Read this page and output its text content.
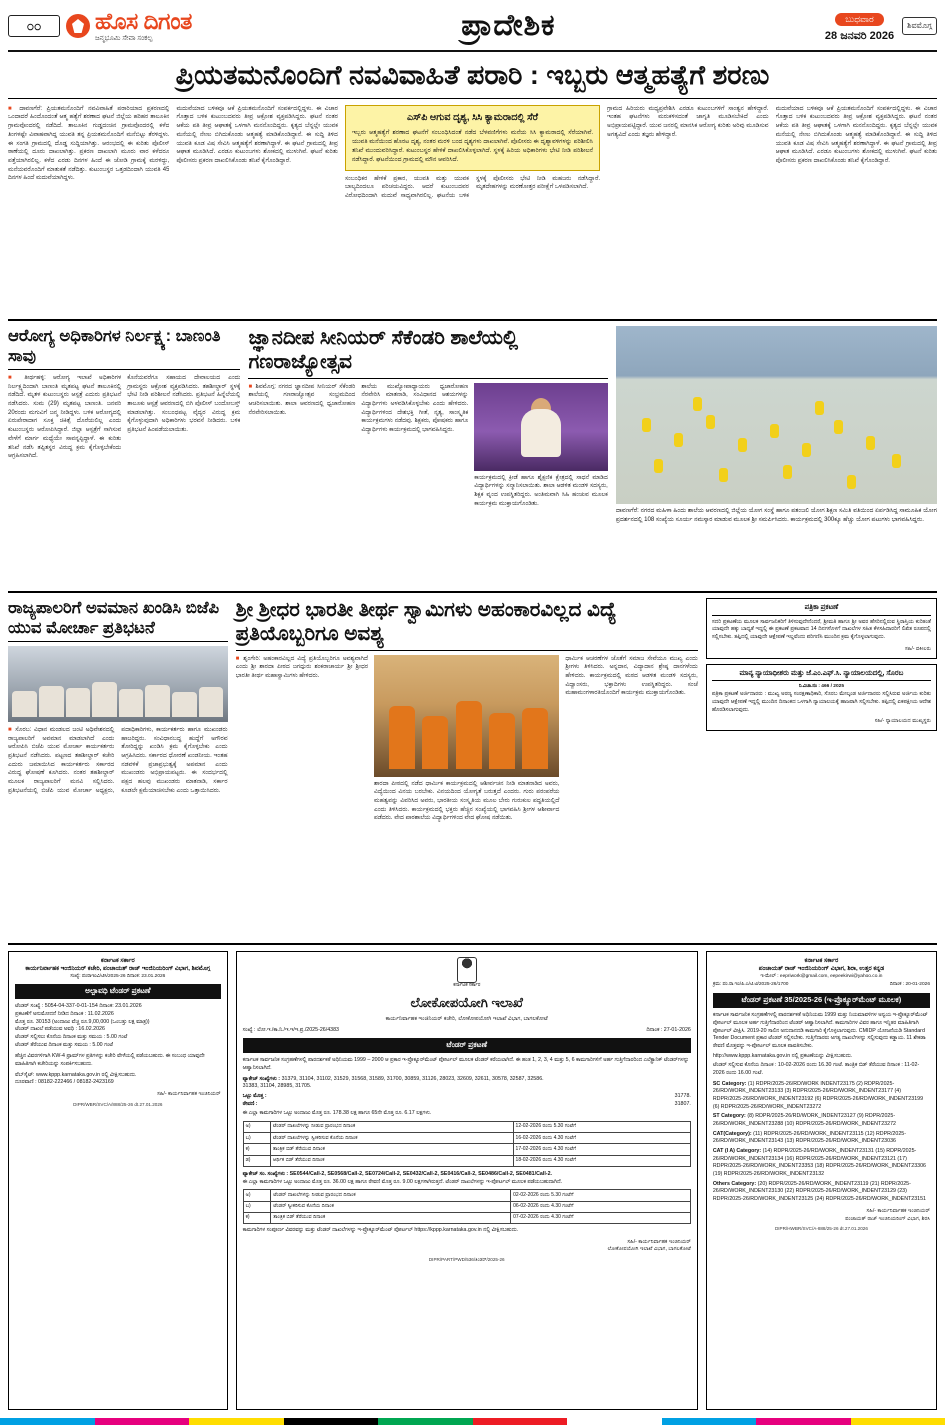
೦೦	ಹೊಸ ದಿಗಂತ
ಜನ್ಮಭೂಮಿ ಸೇವಾ ಸಂಕಲ್ಪ	ಪ್ರಾದೇಶಿಕ	ಬುಧವಾರ
28 ಜನವರಿ 2026
ಶಿವಮೊಗ್ಗ
ಪ್ರಿಯತಮನೊಂದಿಗೆ ನವವಿವಾಹಿತೆ ಪರಾರಿ : ಇಬ್ಬರು ಆತ್ಮಹತ್ಯೆಗೆ ಶರಣು
■ ದಾವಣಗೆರೆ: ಪ್ರಿಯತಮನೊಂದಿಗೆ ನವವಿವಾಹಿತೆ ಪರಾರಿಯಾದ ಪ್ರಕರಣದಲ್ಲಿ ಒಂದಾದರೆ ಹಿಂದೊಂದಂತೆ ಆತ್ಮ ಹತ್ಯೆಗೆ ಶರಣಾದ ಘಟನೆ ಜಿಲ್ಲೆಯ ಹರಿಹರ ತಾಲೂಕಿನ ಗ್ರಾಮವೊಂದರಲ್ಲಿ ನಡೆದಿದೆ. ತಾಲೂಕಿನ ಗುಡ್ಡದಂಚಿನ ಗ್ರಾಮವೊಂದರಲ್ಲಿ ಕಳೆದ ತಿಂಗಳಷ್ಟೇ ವಿವಾಹವಾಗಿದ್ದ ಯುವತಿ ತನ್ನ ಪ್ರಿಯತಮನೊಂದಿಗೆ ಮನೆಬಿಟ್ಟು ತೆರಳಿದ್ದಳು. ಈ ಸಂಗತಿ ಗ್ರಾಮದಲ್ಲಿ ದೊಡ್ಡ ಸುದ್ದಿಯಾಗಿತ್ತು. ಆರಂಭದಲ್ಲಿ ಈ ಕುರಿತು ಪೊಲೀಸ್ ಠಾಣೆಯಲ್ಲಿ ದೂರು ದಾಖಲಾಗಿತ್ತು. ಪ್ರಕರಣ ದಾಖಲಾಗಿ ಮೂರು ವಾರ ಕಳೆದರೂ ಪತ್ತೆಯಾಗಿರಲಿಲ್ಲ. ಕಳೆದ ಎರಡು ದಿನಗಳ ಹಿಂದೆ ಈ ಜೋಡಿ ಗ್ರಾಮಕ್ಕೆ ಮರಳಿದ್ದು, ಮನೆಯವರೊಂದಿಗೆ ಮಾತುಕತೆ ನಡೆದಿತ್ತು. ಕುಟುಂಬಸ್ಥರ ಒತ್ತಡದಿಂದಾಗಿ ಯುವತಿ 45 ದಿನಗಳ ಹಿಂದೆ ಮದುವೆಯಾಗಿದ್ದಳು.
ಮದುವೆಯಾದ ಬಳಿಕವೂ ಆಕೆ ಪ್ರಿಯತಮನೊಂದಿಗೆ ಸಂಪರ್ಕದಲ್ಲಿದ್ದಳು. ಈ ವಿಚಾರ ಗೊತ್ತಾದ ಬಳಿಕ ಕುಟುಂಬದವರು ತೀವ್ರ ಆಕ್ರೋಶ ವ್ಯಕ್ತಪಡಿಸಿದ್ದರು. ಘಟನೆ ನಂತರ ಆಕೆಯ ಪತಿ ತೀವ್ರ ಆಘಾತಕ್ಕೆ ಒಳಗಾಗಿ ಮನನೊಂದಿದ್ದರು. ಕೃತ್ಯದ ಬೆನ್ನಲ್ಲೇ ಯುವಕ ಮನೆಯಲ್ಲಿ ನೇಣು ಬಿಗಿದುಕೊಂಡು ಆತ್ಮಹತ್ಯೆ ಮಾಡಿಕೊಂಡಿದ್ದಾನೆ. ಈ ಸುದ್ದಿ ತಿಳಿದ ಯುವತಿ ಕೂಡ ವಿಷ ಸೇವಿಸಿ ಆತ್ಮಹತ್ಯೆಗೆ ಶರಣಾಗಿದ್ದಾಳೆ. ಈ ಘಟನೆ ಗ್ರಾಮದಲ್ಲಿ ತೀವ್ರ ಆಘಾತ ಮೂಡಿಸಿದೆ. ಎರಡೂ ಕುಟುಂಬಗಳು ಶೋಕದಲ್ಲಿ ಮುಳುಗಿವೆ. ಘಟನೆ ಕುರಿತು ಪೊಲೀಸರು ಪ್ರಕರಣ ದಾಖಲಿಸಿಕೊಂಡು ತನಿಖೆ ಕೈಗೊಂಡಿದ್ದಾರೆ.
ಎಸ್‌ಪಿ ಆಗುವ ದೃಶ್ಯ, ಸಿಸಿ ಕ್ಯಾಮರಾದಲ್ಲಿ ಸೆರೆ
ಇಬ್ಬರು ಆತ್ಮಹತ್ಯೆಗೆ ಶರಣಾದ ಘಟನೆಗೆ ಸಂಬಂಧಿಸಿದಂತೆ ನಡೆದ ಬೆಳವಣಿಗೆಗಳು ಮನೆಯ ಸಿಸಿ ಕ್ಯಾಮರಾದಲ್ಲಿ ಸೆರೆಯಾಗಿವೆ. ಯುವತಿ ಮನೆಯಿಂದ ಹೊರಟ ದೃಶ್ಯ, ನಂತರ ಮರಳಿ ಬಂದ ದೃಶ್ಯಗಳು ದಾಖಲಾಗಿವೆ. ಪೊಲೀಸರು ಈ ದೃಶ್ಯಾವಳಿಗಳನ್ನು ಪರಿಶೀಲಿಸಿ ತನಿಖೆ ಮುಂದುವರಿಸಿದ್ದಾರೆ. ಕುಟುಂಬಸ್ಥರ ಹೇಳಿಕೆ ದಾಖಲಿಸಿಕೊಳ್ಳಲಾಗಿದೆ. ಸ್ಥಳಕ್ಕೆ ಹಿರಿಯ ಅಧಿಕಾರಿಗಳು ಭೇಟಿ ನೀಡಿ ಪರಿಶೀಲನೆ ನಡೆಸಿದ್ದಾರೆ. ಘಟನೆಯಿಂದ ಗ್ರಾಮದಲ್ಲಿ ಮೌನ ಆವರಿಸಿದೆ.
ಸಂಬಂಧಿಕರ ಹೇಳಿಕೆ ಪ್ರಕಾರ, ಯುವತಿ ಮತ್ತು ಯುವಕ ಬಾಲ್ಯದಿಂದಲೂ ಪರಿಚಯವಿದ್ದರು. ಆದರೆ ಕುಟುಂಬದವರ ವಿರೋಧದಿಂದಾಗಿ ಮದುವೆ ಸಾಧ್ಯವಾಗಿರಲಿಲ್ಲ. ಘಟನೆಯ ಬಳಿಕ ಸ್ಥಳಕ್ಕೆ ಪೊಲೀಸರು ಭೇಟಿ ನೀಡಿ ಮಹಜರು ನಡೆಸಿದ್ದಾರೆ. ಮೃತದೇಹಗಳನ್ನು ಮರಣೋತ್ತರ ಪರೀಕ್ಷೆಗೆ ಒಳಪಡಿಸಲಾಗಿದೆ.
ಗ್ರಾಮದ ಹಿರಿಯರು ಮಧ್ಯಪ್ರವೇಶಿಸಿ ಎರಡೂ ಕುಟುಂಬಗಳಿಗೆ ಸಾಂತ್ವನ ಹೇಳಿದ್ದಾರೆ. ಇಂತಹ ಘಟನೆಗಳು ಮರುಕಳಿಸದಂತೆ ಜಾಗೃತಿ ಮೂಡಿಸಬೇಕಿದೆ ಎಂದು ಅಭಿಪ್ರಾಯಪಟ್ಟಿದ್ದಾರೆ. ಯುವ ಜನರಲ್ಲಿ ಮಾನಸಿಕ ಆರೋಗ್ಯ ಕುರಿತು ಅರಿವು ಮೂಡಿಸುವ ಅಗತ್ಯವಿದೆ ಎಂದು ತಜ್ಞರು ಹೇಳಿದ್ದಾರೆ.
ಮದುವೆಯಾದ ಬಳಿಕವೂ ಆಕೆ ಪ್ರಿಯತಮನೊಂದಿಗೆ ಸಂಪರ್ಕದಲ್ಲಿದ್ದಳು. ಈ ವಿಚಾರ ಗೊತ್ತಾದ ಬಳಿಕ ಕುಟುಂಬದವರು ತೀವ್ರ ಆಕ್ರೋಶ ವ್ಯಕ್ತಪಡಿಸಿದ್ದರು. ಘಟನೆ ನಂತರ ಆಕೆಯ ಪತಿ ತೀವ್ರ ಆಘಾತಕ್ಕೆ ಒಳಗಾಗಿ ಮನನೊಂದಿದ್ದರು. ಕೃತ್ಯದ ಬೆನ್ನಲ್ಲೇ ಯುವಕ ಮನೆಯಲ್ಲಿ ನೇಣು ಬಿಗಿದುಕೊಂಡು ಆತ್ಮಹತ್ಯೆ ಮಾಡಿಕೊಂಡಿದ್ದಾನೆ. ಈ ಸುದ್ದಿ ತಿಳಿದ ಯುವತಿ ಕೂಡ ವಿಷ ಸೇವಿಸಿ ಆತ್ಮಹತ್ಯೆಗೆ ಶರಣಾಗಿದ್ದಾಳೆ. ಈ ಘಟನೆ ಗ್ರಾಮದಲ್ಲಿ ತೀವ್ರ ಆಘಾತ ಮೂಡಿಸಿದೆ. ಎರಡೂ ಕುಟುಂಬಗಳು ಶೋಕದಲ್ಲಿ ಮುಳುಗಿವೆ. ಘಟನೆ ಕುರಿತು ಪೊಲೀಸರು ಪ್ರಕರಣ ದಾಖಲಿಸಿಕೊಂಡು ತನಿಖೆ ಕೈಗೊಂಡಿದ್ದಾರೆ.
ಆರೋಗ್ಯ ಅಧಿಕಾರಿಗಳ ನಿರ್ಲಕ್ಷ್ಯ: ಬಾಣಂತಿ ಸಾವು
■ ತೀರ್ಥಹಳ್ಳಿ: ಆರೋಗ್ಯ ಇಲಾಖೆ ಅಧಿಕಾರಿಗಳ ನಿರ್ಲಕ್ಷ್ಯದಿಂದಾಗಿ ಬಾಣಂತಿ ಮೃತಪಟ್ಟ ಘಟನೆ ತಾಲೂಕಿನಲ್ಲಿ ನಡೆದಿದೆ. ಮೃತಳ ಕುಟುಂಬಸ್ಥರು ಆಸ್ಪತ್ರೆ ಎದುರು ಪ್ರತಿಭಟನೆ ನಡೆಸಿದರು. ಸುಮ (29) ಮೃತಪಟ್ಟ ಬಾಣಂತಿ. ಜನವರಿ 20ರಂದು ಮಗುವಿಗೆ ಜನ್ಮ ನೀಡಿದ್ದಳು. ಬಳಿಕ ಆರೋಗ್ಯದಲ್ಲಿ ಏರುಪೇರಾದಾಗ ಸೂಕ್ತ ಚಿಕಿತ್ಸೆ ದೊರೆಯಲಿಲ್ಲ ಎಂದು ಕುಟುಂಬಸ್ಥರು ಆರೋಪಿಸಿದ್ದಾರೆ. ಜಿಲ್ಲಾ ಆಸ್ಪತ್ರೆಗೆ ಸಾಗಿಸುವ ವೇಳೆಗೆ ಮಾರ್ಗ ಮಧ್ಯೆಯೇ ಸಾವನ್ನಪ್ಪಿದ್ದಾಳೆ. ಈ ಕುರಿತು ತನಿಖೆ ನಡೆಸಿ ತಪ್ಪಿತಸ್ಥರ ವಿರುದ್ಧ ಕ್ರಮ ಕೈಗೊಳ್ಳಬೇಕೆಂದು ಆಗ್ರಹಿಸಲಾಗಿದೆ.
ಕೊನೆಯವರೆಗೂ ಸಹಾಯದ ದೇವಾಲಯದ ಎಂದು ಗ್ರಾಮಸ್ಥರು ಆಕ್ರೋಶ ವ್ಯಕ್ತಪಡಿಸಿದರು. ತಹಶೀಲ್ದಾರ್ ಸ್ಥಳಕ್ಕೆ ಭೇಟಿ ನೀಡಿ ಪರಿಶೀಲನೆ ನಡೆಸಿದರು. ಪ್ರತಿಭಟನೆ ಹಿನ್ನೆಲೆಯಲ್ಲಿ ತಾಲೂಕು ಆಸ್ಪತ್ರೆ ಆವರಣದಲ್ಲಿ ಬಿಗಿ ಪೊಲೀಸ್ ಬಂದೋಬಸ್ತ್ ಮಾಡಲಾಗಿತ್ತು. ಸಂಬಂಧಪಟ್ಟ ವೈದ್ಯರ ವಿರುದ್ಧ ಕ್ರಮ ಕೈಗೊಳ್ಳುವುದಾಗಿ ಅಧಿಕಾರಿಗಳು ಭರವಸೆ ನೀಡಿದರು. ಬಳಿಕ ಪ್ರತಿಭಟನೆ ಹಿಂಪಡೆಯಲಾಯಿತು.
ಜ್ಞಾನದೀಪ ಸೀನಿಯರ್ ಸೆಕೆಂಡರಿ ಶಾಲೆಯಲ್ಲಿ ಗಣರಾಜ್ಯೋತ್ಸವ
■ ಶಿವಮೊಗ್ಗ: ನಗರದ ಜ್ಞಾನದೀಪ ಸೀನಿಯರ್ ಸೆಕೆಂಡರಿ ಶಾಲೆಯಲ್ಲಿ ಗಣರಾಜ್ಯೋತ್ಸವ ಸಂಭ್ರಮದಿಂದ ಆಚರಿಸಲಾಯಿತು. ಶಾಲಾ ಆವರಣದಲ್ಲಿ ಧ್ವಜಾರೋಹಣ ನೆರವೇರಿಸಲಾಯಿತು.
ಶಾಲೆಯ ಮುಖ್ಯೋಪಾಧ್ಯಾಯರು ಧ್ವಜಾರೋಹಣ ನೆರವೇರಿಸಿ ಮಾತನಾಡಿ, ಸಂವಿಧಾನದ ಆಶಯಗಳನ್ನು ವಿದ್ಯಾರ್ಥಿಗಳು ಅಳವಡಿಸಿಕೊಳ್ಳಬೇಕು ಎಂದು ಹೇಳಿದರು. ವಿದ್ಯಾರ್ಥಿಗಳಿಂದ ದೇಶಭಕ್ತಿ ಗೀತೆ, ನೃತ್ಯ, ಸಾಂಸ್ಕೃತಿಕ ಕಾರ್ಯಕ್ರಮಗಳು ನಡೆದವು. ಶಿಕ್ಷಕರು, ಪೋಷಕರು ಹಾಗೂ ವಿದ್ಯಾರ್ಥಿಗಳು ಕಾರ್ಯಕ್ರಮದಲ್ಲಿ ಭಾಗವಹಿಸಿದ್ದರು.
ಕಾರ್ಯಕ್ರಮದಲ್ಲಿ ಕ್ರೀಡೆ ಹಾಗೂ ಶೈಕ್ಷಣಿಕ ಕ್ಷೇತ್ರದಲ್ಲಿ ಸಾಧನೆ ಮಾಡಿದ ವಿದ್ಯಾರ್ಥಿಗಳನ್ನು ಸನ್ಮಾನಿಸಲಾಯಿತು. ಶಾಲಾ ಆಡಳಿತ ಮಂಡಳಿ ಸದಸ್ಯರು, ಶಿಕ್ಷಕ ವೃಂದ ಉಪಸ್ಥಿತರಿದ್ದರು. ಅಂತಿಮವಾಗಿ ಸಿಹಿ ಹಂಚುವ ಮೂಲಕ ಕಾರ್ಯಕ್ರಮ ಮುಕ್ತಾಯಗೊಂಡಿತು.
ದಾವಣಗೆರೆ: ನಗರದ ಮಹಿಳಾ ಹಿಂದು ಶಾಲೆಯ ಆವರಣದಲ್ಲಿ ಜಿಲ್ಲೆಯ ಯೋಗ ಸಂಸ್ಥೆ ಹಾಗೂ ಪತಂಜಲಿ ಯೋಗ ಶಿಕ್ಷಣ ಸಮಿತಿ ವತಿಯಿಂದ ಏರ್ಪಡಿಸಿದ್ದ ಸಾಮೂಹಿಕ ಯೋಗ ಪ್ರದರ್ಶನದಲ್ಲಿ 108 ಸಂಖ್ಯೆಯ ಸೂರ್ಯ ನಮಸ್ಕಾರ ಮಾಡುವ ಮೂಲಕ ಶ್ರೀ ಸಮರ್ಪಿಸಿದರು. ಕಾರ್ಯಕ್ರಮದಲ್ಲಿ 300ಕ್ಕೂ ಹೆಚ್ಚು ಯೋಗ ಪಟುಗಳು ಭಾಗವಹಿಸಿದ್ದರು.
ರಾಜ್ಯಪಾಲರಿಗೆ ಅವಮಾನ ಖಂಡಿಸಿ ಬಿಜೆಪಿ ಯುವ ಮೋರ್ಚಾ ಪ್ರತಿಭಟನೆ
■ ಸೊರಬ: ವಿಧಾನ ಮಂಡಲದ ಜಂಟಿ ಅಧಿವೇಶನದಲ್ಲಿ ರಾಜ್ಯಪಾಲರಿಗೆ ಅವಮಾನ ಮಾಡಲಾಗಿದೆ ಎಂದು ಆರೋಪಿಸಿ ಬಿಜೆಪಿ ಯುವ ಮೋರ್ಚಾ ಕಾರ್ಯಕರ್ತರು ಪ್ರತಿಭಟನೆ ನಡೆಸಿದರು. ಪಟ್ಟಣದ ತಹಶೀಲ್ದಾರ್ ಕಚೇರಿ ಎದುರು ಜಮಾಯಿಸಿದ ಕಾರ್ಯಕರ್ತರು ಸರ್ಕಾರದ ವಿರುದ್ಧ ಘೋಷಣೆ ಕೂಗಿದರು. ನಂತರ ತಹಶೀಲ್ದಾರ್ ಮೂಲಕ ರಾಜ್ಯಪಾಲರಿಗೆ ಮನವಿ ಸಲ್ಲಿಸಿದರು. ಪ್ರತಿಭಟನೆಯಲ್ಲಿ ಬಿಜೆಪಿ ಯುವ ಮೋರ್ಚಾ ಅಧ್ಯಕ್ಷರು, ಪದಾಧಿಕಾರಿಗಳು, ಕಾರ್ಯಕರ್ತರು ಹಾಗೂ ಮುಖಂಡರು ಹಾಜರಿದ್ದರು. ಸಂವಿಧಾನಬದ್ಧ ಹುದ್ದೆಗೆ ಅಗೌರವ ತೋರಿದ್ದನ್ನು ಖಂಡಿಸಿ ಕ್ರಮ ಕೈಗೊಳ್ಳಬೇಕು ಎಂದು ಆಗ್ರಹಿಸಿದರು. ಸರ್ಕಾರದ ಧೋರಣೆ ಖಂಡನೀಯ. ಇಂತಹ ನಡವಳಿಕೆ ಪ್ರಜಾಪ್ರಭುತ್ವಕ್ಕೆ ಅಪಮಾನ ಎಂದು ಮುಖಂಡರು ಅಭಿಪ್ರಾಯಪಟ್ಟರು. ಈ ಸಂದರ್ಭದಲ್ಲಿ ಪಕ್ಷದ ಹಲವು ಮುಖಂಡರು ಮಾತನಾಡಿ, ಸರ್ಕಾರ ಕೂಡಲೇ ಕ್ಷಮೆಯಾಚಿಸಬೇಕು ಎಂದು ಒತ್ತಾಯಿಸಿದರು.
ಶ್ರೀ ಶ್ರೀಧರ ಭಾರತೀ ತೀರ್ಥ ಸ್ವಾಮಿಗಳು ಅಹಂಕಾರವಿಲ್ಲದ ವಿದ್ಯೆ ಪ್ರತಿಯೊಬ್ಬರಿಗೂ ಅವಶ್ಯ
■ ಶೃಂಗೇರಿ: ಅಹಂಕಾರವಿಲ್ಲದ ವಿದ್ಯೆ ಪ್ರತಿಯೊಬ್ಬರಿಗೂ ಅವಶ್ಯವಾಗಿದೆ ಎಂದು ಶ್ರೀ ಶಾರದಾ ಪೀಠದ ಜಗದ್ಗುರು ಶಂಕರಾಚಾರ್ಯ ಶ್ರೀ ಶ್ರೀಧರ ಭಾರತೀ ತೀರ್ಥ ಮಹಾಸ್ವಾಮಿಗಳು ಹೇಳಿದರು.
ಶಾರದಾ ಪೀಠದಲ್ಲಿ ನಡೆದ ಧಾರ್ಮಿಕ ಕಾರ್ಯಕ್ರಮದಲ್ಲಿ ಆಶೀರ್ವಚನ ನೀಡಿ ಮಾತನಾಡಿದ ಅವರು, ವಿದ್ಯೆಯಿಂದ ವಿನಯ ಬರಬೇಕು. ವಿನಯದಿಂದ ಯೋಗ್ಯತೆ ಬರುತ್ತದೆ ಎಂದರು. ಗುರು ಪರಂಪರೆಯ ಮಹತ್ವವನ್ನು ವಿವರಿಸಿದ ಅವರು, ಭಾರತೀಯ ಸಂಸ್ಕೃತಿಯ ಮೂಲ ಬೇರು ಗುರುಕುಲ ಪದ್ಧತಿಯಲ್ಲಿದೆ ಎಂದು ತಿಳಿಸಿದರು. ಕಾರ್ಯಕ್ರಮದಲ್ಲಿ ಭಕ್ತರು ಹೆಚ್ಚಿನ ಸಂಖ್ಯೆಯಲ್ಲಿ ಭಾಗವಹಿಸಿ ಶ್ರೀಗಳ ಆಶೀರ್ವಾದ ಪಡೆದರು. ವೇದ ಪಾಠಶಾಲೆಯ ವಿದ್ಯಾರ್ಥಿಗಳಿಂದ ವೇದ ಘೋಷ ನಡೆಯಿತು.
ಧಾರ್ಮಿಕ ಆಚರಣೆಗಳ ಜೊತೆಗೆ ಸಮಾಜ ಸೇವೆಯೂ ಮುಖ್ಯ ಎಂದು ಶ್ರೀಗಳು ತಿಳಿಸಿದರು. ಅನ್ನದಾನ, ವಿದ್ಯಾದಾನ ಶ್ರೇಷ್ಠ ದಾನಗಳೆಂದು ಹೇಳಿದರು. ಕಾರ್ಯಕ್ರಮದಲ್ಲಿ ಮಠದ ಆಡಳಿತ ಮಂಡಳಿ ಸದಸ್ಯರು, ವಿದ್ವಾಂಸರು, ಭಕ್ತಾದಿಗಳು ಉಪಸ್ಥಿತರಿದ್ದರು. ಸಂಜೆ ಮಹಾಮಂಗಳಾರತಿಯೊಂದಿಗೆ ಕಾರ್ಯಕ್ರಮ ಮುಕ್ತಾಯಗೊಂಡಿತು.
ಪತ್ರಿಕಾ ಪ್ರಕಟಣೆ
ಸದರಿ ಪ್ರಕಟಣೆಯ ಮೂಲಕ ಸಾರ್ವಜನಿಕರಿಗೆ ತಿಳಿಸುವುದೇನೆಂದರೆ, ಶ್ರೀಮತಿ ಹಾಗೂ ಶ್ರೀ ಅವರ ಹೆಸರಿನಲ್ಲಿರುವ ಸ್ಥಿರಾಸ್ತಿಯ ಕುರಿತಂತೆ ಯಾವುದೇ ಹಕ್ಕು ಬಾಧ್ಯತೆ ಇದ್ದಲ್ಲಿ ಈ ಪ್ರಕಟಣೆ ಪ್ರಕಟವಾದ 14 ದಿನಗಳೊಳಗೆ ದಾಖಲೆಗಳ ಸಹಿತ ಕೆಳಸಹಿದಾರರಿಗೆ ಲಿಖಿತ ರೂಪದಲ್ಲಿ ಸಲ್ಲಿಸಬೇಕು. ತಪ್ಪಿದಲ್ಲಿ ಯಾವುದೇ ಆಕ್ಷೇಪಣೆ ಇಲ್ಲವೆಂದು ಪರಿಗಣಿಸಿ ಮುಂದಿನ ಕ್ರಮ ಕೈಗೊಳ್ಳಲಾಗುವುದು.
ಸಹಿ/- ವಕೀಲರು
ಮಾನ್ಯ ನ್ಯಾಯಾಧೀಶರು ಮತ್ತು ಜೆ.ಎಂ.ಎಫ್.ಸಿ. ನ್ಯಾಯಾಲಯದಲ್ಲಿ, ಸೊರಬ
ನಿ.ವಿಚಾ.ನಂ : 466 / 2025
ಪತ್ರಿಕಾ ಪ್ರಕಟಣೆ ಅರ್ಜಿದಾರರು : ಮುಖ್ಯ ಅರಣ್ಯ ಸಂರಕ್ಷಣಾಧಿಕಾರಿ, ಸೊರಬ ಮೇಲ್ಕಂಡ ಅರ್ಜಿದಾರರು ಸಲ್ಲಿಸಿರುವ ಅರ್ಜಿಯ ಕುರಿತು ಯಾವುದೇ ಆಕ್ಷೇಪಣೆ ಇದ್ದಲ್ಲಿ ಮುಂದಿನ ದಿನಾಂಕದ ಒಳಗಾಗಿ ನ್ಯಾಯಾಲಯಕ್ಕೆ ಹಾಜರಾಗಿ ಸಲ್ಲಿಸಬೇಕು. ತಪ್ಪಿದಲ್ಲಿ ಏಕಪಕ್ಷೀಯ ಆದೇಶ ಹೊರಡಿಸಲಾಗುವುದು.
ಸಹಿ/- ನ್ಯಾಯಾಲಯದ ಮುಖ್ಯಸ್ಥರು
ಕರ್ನಾಟಕ ಸರ್ಕಾರ
ಕಾರ್ಯನಿರ್ವಾಹಕ ಇಂಜಿನಿಯರ್ ಕಚೇರಿ, ಪಂಚಾಯತ್ ರಾಜ್ ಇಂಜಿನಿಯರಿಂಗ್ ವಿಭಾಗ, ಶಿವಮೊಗ್ಗ
ಸಂಖ್ಯೆ: ಪಂರಾಇಂವಿ/ಟಿಸಿ/2025-26 ದಿನಾಂಕ: 23.01.2026
ಅಲ್ಪಾವಧಿ ಟೆಂಡರ್ ಪ್ರಕಟಣೆ
ಟೆಂಡರ್ ಸಂಖ್ಯೆ : 5054-04-337-0-01-154 ದಿನಾಂಕ: 23.01.2026
ಪ್ರಕಟಣೆಗೆ ಅನುಮೋದನೆ ನೀಡಿದ ದಿನಾಂಕ : 11.02.2026
ಮೊತ್ತ ರೂ. 30153 (ಅಂದಾಜು ವೆಚ್ಚ ರೂ.9,00,000 (ಒಂಬತ್ತು ಲಕ್ಷ ಮಾತ್ರ))
ಟೆಂಡರ್ ದಾಖಲೆ ಪಡೆಯುವ ಅವಧಿ : 16.02.2026
ಟೆಂಡರ್ ಸಲ್ಲಿಸಲು ಕೊನೆಯ ದಿನಾಂಕ ಮತ್ತು ಸಮಯ : 5.00 ಗಂಟೆ
ಟೆಂಡರ್ ತೆರೆಯುವ ದಿನಾಂಕ ಮತ್ತು ಸಮಯ : 5.00 ಗಂಟೆ
ಹೆಚ್ಚಿನ ವಿವರಗಳಿಗಾಗಿ KW-4 ಫ್ರಾಮ್‌ಗಳ ಪ್ರತಿಗಳನ್ನು ಕಚೇರಿ ವೇಳೆಯಲ್ಲಿ ಪಡೆಯಬಹುದು. ಈ ಸಂಬಂಧ ಯಾವುದೇ ಮಾಹಿತಿಗಾಗಿ ಕಚೇರಿಯನ್ನು ಸಂಪರ್ಕಿಸಬಹುದು.
ವೆಬ್‌ಸೈಟ್: www.kppp.karnataka.gov.in ರಲ್ಲಿ ವೀಕ್ಷಿಸಬಹುದು.
ದೂರವಾಣಿ : 08182-222466 / 08182-2423169
ಸಹಿ/- ಕಾರ್ಯನಿರ್ವಾಹಕ ಇಂಜಿನಿಯರ್
DIPR/WBR/SVC/A/888/25-26 dt.27.01.2026
ಕರ್ನಾಟಕ ಸರ್ಕಾರ
ಲೋಕೋಪಯೋಗಿ ಇಲಾಖೆ
ಕಾರ್ಯನಿರ್ವಾಹಕ ಇಂಜಿನಿಯರ್ ಕಚೇರಿ, ಲೋಕೋಪಯೋಗಿ ಇಲಾಖೆ ವಿಭಾಗ, ಬಾಗಲಕೋಟೆ
ಸಂಖ್ಯೆ : ಲೋ.ಇ./ಕಾ.ನಿ./ಇ.ಇ/ಇ.ಪ್ರ./2025-26/4383	ದಿನಾಂಕ : 27-01-2026
ಟೆಂಡರ್ ಪ್ರಕಟಣೆ
ಕರ್ನಾಟಕ ಸಾರ್ವಜನಿಕ ಸಂಗ್ರಹಣೆಗಳಲ್ಲಿ ಪಾರದರ್ಶಕತೆ ಅಧಿನಿಯಮ 1999 – 2000 ಆ ಪ್ರಕಾರ ಇ-ಪ್ರೊಕ್ಯೂರ್‌ಮೆಂಟ್ ಪೋರ್ಟಲ್ ಮೂಲಕ ಟೆಂಡರ್ ಕರೆಯಲಾಗಿದೆ. ಈ ಹಂತ 1, 2, 3, 4 ಮತ್ತು 5, 6 ಕಾಮಗಾರಿಗಳಿಗೆ ಅರ್ಹ ಗುತ್ತಿಗೆದಾರರಿಂದ ಎಲೆಕ್ಟ್ರಾನಿಕ್ ಟೆಂಡರ್‌ಗಳನ್ನು ಆಹ್ವಾನಿಸಲಾಗಿದೆ.
ಪ್ಯಾಕೇಜ್ ಸಂಖ್ಯೆಗಳು : 31379, 31104, 31102, 31529, 31568, 31589, 31700, 30859, 31126, 28023, 32609, 32611, 30578, 32587, 32586.
31383, 31104, 28985, 31705.
ಒಟ್ಟು ಮೊತ್ತ :	31778.
ಠೇವಣಿ :	31807.
ಈ ಎಲ್ಲಾ ಕಾಮಗಾರಿಗಳ ಒಟ್ಟು ಅಂದಾಜು ಮೊತ್ತ ರೂ. 178.38 ಲಕ್ಷ ಹಾಗೂ 65ನೇ ಮೊತ್ತ ರೂ. 6.17 ಲಕ್ಷಗಳು.
ಅ)	ಟೆಂಡರ್ ದಾಖಲೆಗಳನ್ನು ನೀಡುವ ಪ್ರಾರಂಭದ ದಿನಾಂಕ	12-02-2026 ರಂದು 5.30 ಗಂಟೆಗೆ
ಬ)	ಟೆಂಡರ್ ದಾಖಲೆಗಳನ್ನು ಸ್ವೀಕರಿಸುವ ಕೊನೆಯ ದಿನಾಂಕ	16-02-2026 ರಂದು 4.30 ಗಂಟೆಗೆ
ಕ)	ತಾಂತ್ರಿಕ ಬಿಡ್ ತೆರೆಯುವ ದಿನಾಂಕ	17-02-2026 ರಂದು 4.30 ಗಂಟೆಗೆ
ಡ)	ಆರ್ಥಿಕ ಬಿಡ್ ತೆರೆಯುವ ದಿನಾಂಕ	18-02-2026 ರಂದು 4.30 ಗಂಟೆಗೆ
ಪ್ಯಾಕೇಜ್ ಸಂ. ಸಂಖ್ಯೆಗಳು : SE0544/Call-2, SE0568/Call-2, SE0724/Call-2, SE0432/Call-2, SE0416/Call-2, SE0486/Call-2, SE0481/Call-2.
ಈ ಎಲ್ಲಾ ಕಾಮಗಾರಿಗಳ ಒಟ್ಟು ಅಂದಾಜು ಮೊತ್ತ ರೂ. 36.00 ಲಕ್ಷ ಹಾಗೂ ಠೇವಣಿ ಮೊತ್ತ ರೂ. 9.00 ಲಕ್ಷಗಳಾಗಿರುತ್ತದೆ. ಟೆಂಡರ್ ದಾಖಲೆಗಳನ್ನು ಇ-ಪೋರ್ಟಲ್ ಮೂಲಕ ಪಡೆಯಬಹುದಾಗಿದೆ.
ಅ)	ಟೆಂಡರ್ ದಾಖಲೆಗಳನ್ನು ನೀಡುವ ಪ್ರಾರಂಭದ ದಿನಾಂಕ	02-02-2026 ರಂದು 5.30 ಗಂಟೆಗೆ
ಬ)	ಟೆಂಡರ್ ಸ್ವೀಕರಿಸುವ ಕೊನೆಯ ದಿನಾಂಕ	06-02-2026 ರಂದು 4.30 ಗಂಟೆಗೆ
ಕ)	ತಾಂತ್ರಿಕ ಬಿಡ್ ತೆರೆಯುವ ದಿನಾಂಕ	07-02-2026 ರಂದು 4.30 ಗಂಟೆಗೆ
ಕಾಮಗಾರಿಗಳ ಸಂಪೂರ್ಣ ವಿವರವನ್ನು ಮತ್ತು ಟೆಂಡರ್ ದಾಖಲೆಗಳನ್ನು ಇ-ಪ್ರೊಕ್ಯೂರ್‌ಮೆಂಟ್ ಪೋರ್ಟಲ್ https://kppp.karnataka.gov.in ನಲ್ಲಿ ವೀಕ್ಷಿಸಬಹುದು.
ಸಹಿ/- ಕಾರ್ಯನಿರ್ವಾಹಕ ಇಂಜಿನಿಯರ್
ಲೋಕೋಪಯೋಗಿ ಇಲಾಖೆ ವಿಭಾಗ, ಬಾಗಲಕೋಟೆ
DIPR/PART/PWD/536/ತಿಂಡರ್/2025-26
ಕರ್ನಾಟಕ ಸರ್ಕಾರ
ಪಂಚಾಯತ್ ರಾಜ್ ಇಂಜಿನಿಯರಿಂಗ್ ವಿಭಾಗ, ಶಿರಾ, ಉತ್ತರ ಕನ್ನಡ
ಇ-ಮೇಲ್ : eepriwork@gmail.com, eepeekirwi@yahoo.co.in
ಕ್ರಮ: ಪಂ.ರಾ.ಇಂ/ಪಿ.ಎ/ಟಿ.ಟಿ/2025-26/1700	ದಿನಾಂಕ : 20-01-2026
ಟೆಂಡರ್ ಪ್ರಕಟಣೆ 35/2025-26 (ಇ-ಪ್ರೊಕ್ಯೂರ್‌ಮೆಂಟ್ ಮೂಲಕ)
ಕರ್ನಾಟಕ ಸಾರ್ವಜನಿಕ ಸಂಗ್ರಹಣೆಗಳಲ್ಲಿ ಪಾರದರ್ಶಕತೆ ಅಧಿನಿಯಮ 1999 ಮತ್ತು ನಿಯಮಾವಳಿಗಳ ಅನ್ವಯ ಇ-ಪ್ರೊಕ್ಯೂರ್‌ಮೆಂಟ್ ಪೋರ್ಟಲ್ ಮೂಲಕ ಅರ್ಹ ಗುತ್ತಿಗೆದಾರರಿಂದ ಟೆಂಡರ್ ಆಹ್ವಾನಿಸಲಾಗಿದೆ. ಕಾಮಗಾರಿಗಳ ವಿವರ ಹಾಗೂ ಇನ್ನಿತರ ಮಾಹಿತಿಗಾಗಿ ಪೋರ್ಟಲ್ ವೀಕ್ಷಿಸಿ. 2019-20 ಸಾಲಿನ ಅನುದಾನದಡಿ ಕಾಮಗಾರಿ ಕೈಗೊಳ್ಳಲಾಗುವುದು. CMIDP ಯೋಜನೆಯಡಿ Standard Tender Document ಪ್ರಕಾರ ಟೆಂಡರ್ ಸಲ್ಲಿಸಬೇಕು. ಗುತ್ತಿಗೆದಾರರು ಅಗತ್ಯ ದಾಖಲೆಗಳನ್ನು ಸಲ್ಲಿಸುವುದು ಕಡ್ಡಾಯ. 11 ಶೇಕಡಾ ಠೇವಣಿ ಮೊತ್ತವನ್ನು ಇ-ಪೋರ್ಟಲ್ ಮೂಲಕ ಪಾವತಿಸಬೇಕು.
http://www.kppp.karnataka.gov.in ನಲ್ಲಿ ಪ್ರಕಟಣೆಯನ್ನು ವೀಕ್ಷಿಸಬಹುದು.
ಟೆಂಡರ್ ಸಲ್ಲಿಸುವ ಕೊನೆಯ ದಿನಾಂಕ : 10-02-2026 ರಂದು 16.30 ಗಂಟೆ. ತಾಂತ್ರಿಕ ಬಿಡ್ ತೆರೆಯುವ ದಿನಾಂಕ : 11-02-2026 ರಂದು 16.00 ಗಂಟೆ.
SC Category: (1) RDPR/2025-26/RD/WORK INDENT23175 (2) RDPR/2025-26/RD/WORK_INDENT23133 (3) RDPR/2025-26/RD/WORK_INDENT23177 (4) RDPR/2025-26/RD/WORK_INDENT23192 (6) RDPR/2025-26/RD/WORK_INDENT23199 (6) RDPR/2025-26/RD/WORK_INDENT23272
ST Category: (8) RDPR/2025-26/RD/WORK_INDENT23127 (9) RDPR/2025-26/RD/WORK_INDENT23288 (10) RDPR/2025-26/RD/WORK_INDENT23272
CAT(Category): (11) RDPR/2025-26/RD/WORK_INDENT23115 (12) RDPR/2025-26/RD/WORK_INDENT23143 (13) RDPR/2025-26/RD/WORK_INDENT23036
CAT (I A) Category: (14) RDPR/2025-26/RD/WORK_INDENT23131 (15) RDPR/2025-26/RD/WORK_INDENT23134 (16) RDPR/2025-26/RD/WORK_INDENT23121 (17) RDPR/2025-26/RD/WORK_INDENT23353 (18) RDPR/2025-26/RD/WORK_INDENT23306 (19) RDPR/2025-26/RD/WORK_INDENT23132
Others Category: (20) RDPR/2025-26/RD/WORK_INDENT23119 (21) RDPR/2025-26/RD/WORK_INDENT23130 (22) RDPR/2025-26/RD/WORK_INDENT23129 (23) RDPR/2025-26/RD/WORK_INDENT23125 (24) RDPR/2025-26/RD/WORK_INDENT23151
ಸಹಿ/- ಕಾರ್ಯನಿರ್ವಾಹಕ ಇಂಜಿನಿಯರ್
ಪಂಚಾಯತ್ ರಾಜ್ ಇಂಜಿನಿಯರಿಂಗ್ ವಿಭಾಗ, ಶಿರಸಿ
DIPR/HWBR/SVC/A-888/25-26 dt.27.01.2026
